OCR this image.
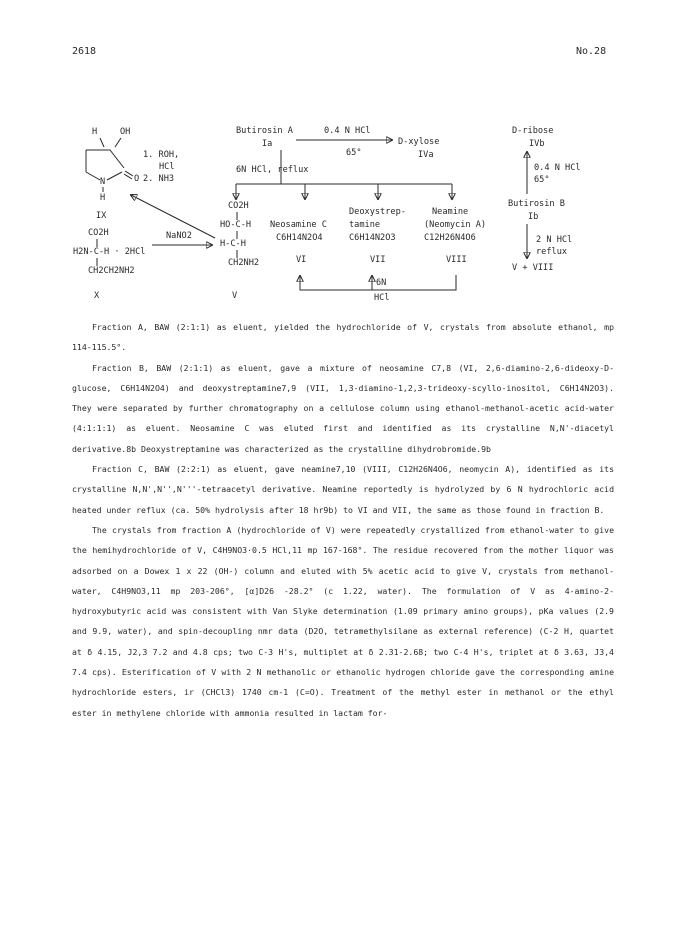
2618	No.28
H	OH
N	O
H
IX
1. ROH,
HCl
2. NH3
CO2H
H2N-C-H · 2HCl
CH2CH2NH2
X
NaNO2
Butirosin A
Ia
0.4 N HCl
65°
D-xylose
IVa
6N HCl, reflux
CO2H
HO-C-H
H-C-H
CH2NH2
V
Neosamine C
C6H14N2O4
VI
Deoxystrep-
tamine
C6H14N2O3
VII
Neamine
(Neomycin A)
C12H26N4O6
VIII
6N
HCl
D-ribose
IVb
0.4 N HCl
65°
Butirosin B
Ib
2 N HCl
reflux
V + VIII

Fraction A, BAW (2:1:1) as eluent, yielded the hydrochloride of V, crystals from absolute ethanol, mp 114-115.5°.

Fraction B, BAW (2:1:1) as eluent, gave a mixture of neosamine C7,8 (VI, 2,6-diamino-2,6-dideoxy-D-glucose, C6H14N2O4) and deoxystreptamine7,9 (VII, 1,3-diamino-1,2,3-trideoxy-scyllo-inositol, C6H14N2O3). They were separated by further chromatography on a cellulose column using ethanol-methanol-acetic acid-water (4:1:1:1) as eluent. Neosamine C was eluted first and identified as its crystalline N,N'-diacetyl derivative.8b Deoxystreptamine was characterized as the crystalline dihydrobromide.9b

Fraction C, BAW (2:2:1) as eluent, gave neamine7,10 (VIII, C12H26N4O6, neomycin A), identified as its crystalline N,N',N'',N'''-tetraacetyl derivative. Neamine reportedly is hydrolyzed by 6 N hydrochloric acid heated under reflux (ca. 50% hydrolysis after 18 hr9b) to VI and VII, the same as those found in fraction B.

The crystals from fraction A (hydrochloride of V) were repeatedly crystallized from ethanol-water to give the hemihydrochloride of V, C4H9NO3·0.5 HCl,11 mp 167-168°. The residue recovered from the mother liquor was adsorbed on a Dowex 1 x 22 (OH-) column and eluted with 5% acetic acid to give V, crystals from methanol-water, C4H9NO3,11 mp 203-206°, [α]D26 -28.2° (c 1.22, water). The formulation of V as 4-amino-2-hydroxybutyric acid was consistent with Van Slyke determination (1.09 primary amino groups), pKa values (2.9 and 9.9, water), and spin-decoupling nmr data (D2O, tetramethylsilane as external reference) (C-2 H, quartet at δ 4.15, J2,3 7.2 and 4.8 cps; two C-3 H's, multiplet at δ 2.31-2.68; two C-4 H's, triplet at δ 3.63, J3,4 7.4 cps). Esterification of V with 2 N methanolic or ethanolic hydrogen chloride gave the corresponding amine hydrochloride esters, ir (CHCl3) 1740 cm-1 (C=O). Treatment of the methyl ester in methanol or the ethyl ester in methylene chloride with ammonia resulted in lactam for-
